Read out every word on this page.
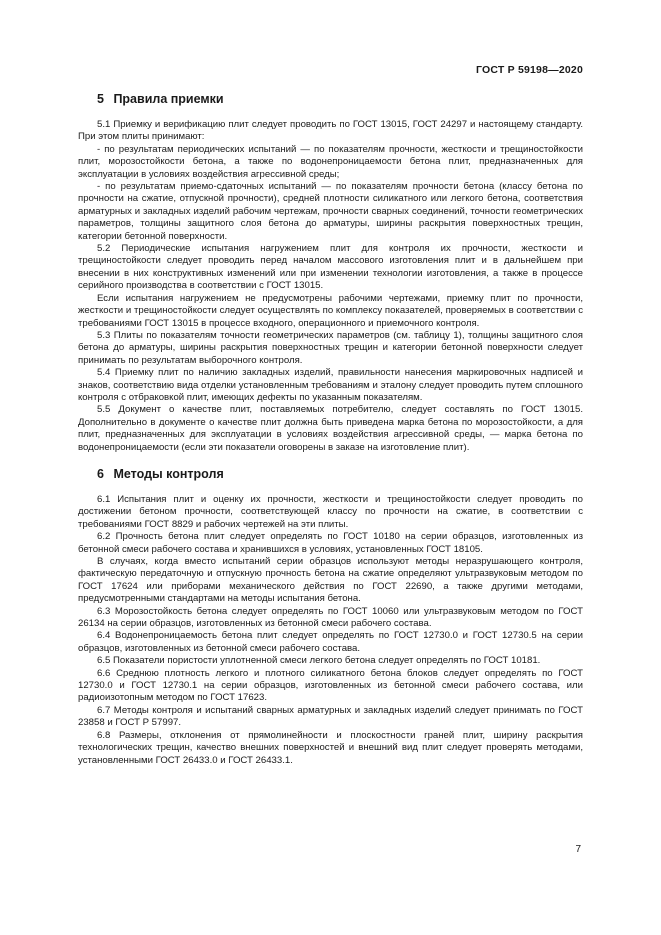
ГОСТ Р 59198—2020
5 Правила приемки

5.1 Приемку и верификацию плит следует проводить по ГОСТ 13015, ГОСТ 24297 и настоящему стандарту. При этом плиты принимают:

- по результатам периодических испытаний — по показателям прочности, жесткости и трещиностойкости плит, морозостойкости бетона, а также по водонепроницаемости бетона плит, предназначенных для эксплуатации в условиях воздействия агрессивной среды;

- по результатам приемо-сдаточных испытаний — по показателям прочности бетона (классу бетона по прочности на сжатие, отпускной прочности), средней плотности силикатного или легкого бетона, соответствия арматурных и закладных изделий рабочим чертежам, прочности сварных соединений, точности геометрических параметров, толщины защитного слоя бетона до арматуры, ширины раскрытия поверхностных трещин, категории бетонной поверхности.

5.2 Периодические испытания нагружением плит для контроля их прочности, жесткости и трещиностойкости следует проводить перед началом массового изготовления плит и в дальнейшем при внесении в них конструктивных изменений или при изменении технологии изготовления, а также в процессе серийного производства в соответствии с ГОСТ 13015.

Если испытания нагружением не предусмотрены рабочими чертежами, приемку плит по прочности, жесткости и трещиностойкости следует осуществлять по комплексу показателей, проверяемых в соответствии с требованиями ГОСТ 13015 в процессе входного, операционного и приемочного контроля.

5.3 Плиты по показателям точности геометрических параметров (см. таблицу 1), толщины защитного слоя бетона до арматуры, ширины раскрытия поверхностных трещин и категории бетонной поверхности следует принимать по результатам выборочного контроля.

5.4 Приемку плит по наличию закладных изделий, правильности нанесения маркировочных надписей и знаков, соответствию вида отделки установленным требованиям и эталону следует проводить путем сплошного контроля с отбраковкой плит, имеющих дефекты по указанным показателям.

5.5 Документ о качестве плит, поставляемых потребителю, следует составлять по ГОСТ 13015. Дополнительно в документе о качестве плит должна быть приведена марка бетона по морозостойкости, а для плит, предназначенных для эксплуатации в условиях воздействия агрессивной среды, — марка бетона по водонепроницаемости (если эти показатели оговорены в заказе на изготовление плит).

6 Методы контроля

6.1 Испытания плит и оценку их прочности, жесткости и трещиностойкости следует проводить по достижении бетоном прочности, соответствующей классу по прочности на сжатие, в соответствии с требованиями ГОСТ 8829 и рабочих чертежей на эти плиты.

6.2 Прочность бетона плит следует определять по ГОСТ 10180 на серии образцов, изготовленных из бетонной смеси рабочего состава и хранившихся в условиях, установленных ГОСТ 18105.

В случаях, когда вместо испытаний серии образцов используют методы неразрушающего контроля, фактическую передаточную и отпускную прочность бетона на сжатие определяют ультразвуковым методом по ГОСТ 17624 или приборами механического действия по ГОСТ 22690, а также другими методами, предусмотренными стандартами на методы испытания бетона.

6.3 Морозостойкость бетона следует определять по ГОСТ 10060 или ультразвуковым методом по ГОСТ 26134 на серии образцов, изготовленных из бетонной смеси рабочего состава.

6.4 Водонепроницаемость бетона плит следует определять по ГОСТ 12730.0 и ГОСТ 12730.5 на серии образцов, изготовленных из бетонной смеси рабочего состава.

6.5 Показатели пористости уплотненной смеси легкого бетона следует определять по ГОСТ 10181.

6.6 Среднюю плотность легкого и плотного силикатного бетона блоков следует определять по ГОСТ 12730.0 и ГОСТ 12730.1 на серии образцов, изготовленных из бетонной смеси рабочего состава, или радиоизотопным методом по ГОСТ 17623.

6.7 Методы контроля и испытаний сварных арматурных и закладных изделий следует принимать по ГОСТ 23858 и ГОСТ Р 57997.

6.8 Размеры, отклонения от прямолинейности и плоскостности граней плит, ширину раскрытия технологических трещин, качество внешних поверхностей и внешний вид плит следует проверять методами, установленными ГОСТ 26433.0 и ГОСТ 26433.1.

7
